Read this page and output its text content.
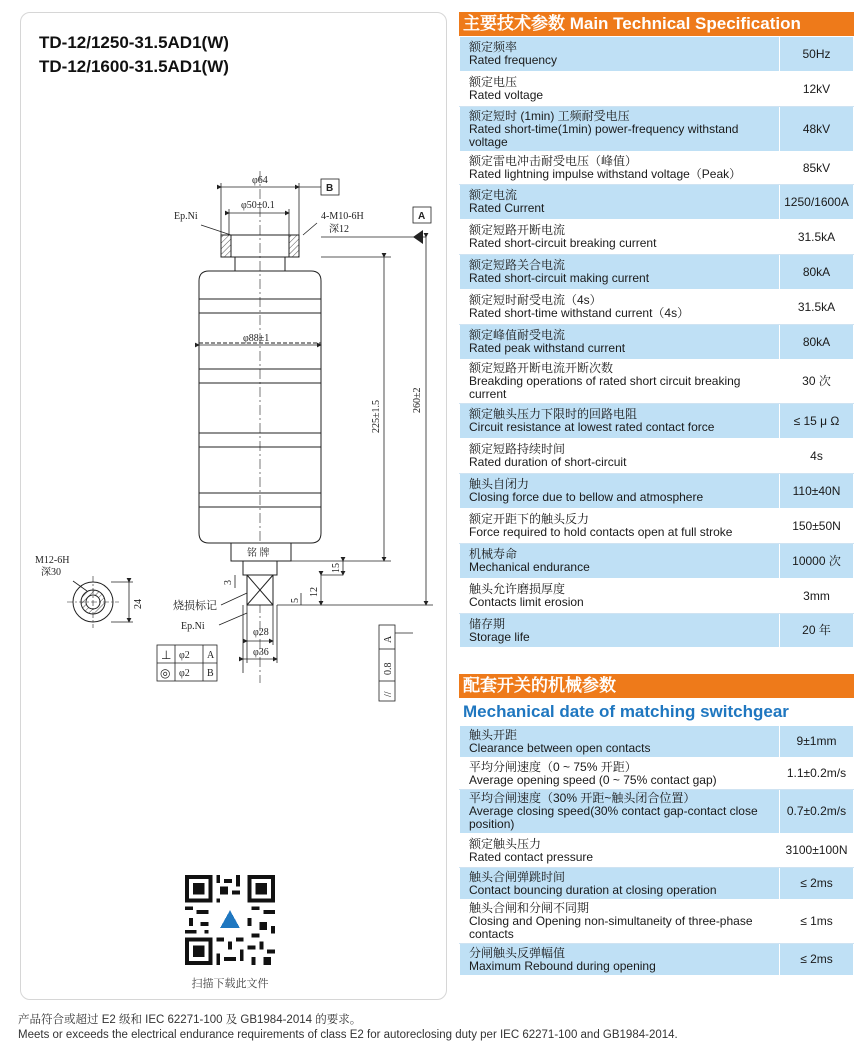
TD-12/1250-31.5AD1(W)
TD-12/1600-31.5AD1(W)
φ64
B
φ50±0.1
Ep.Ni	4-M10-6H
深12
A
φ88±1
铭 牌
225±1.5	260±2
15
12
5
3
烧损标记
Ep.Ni
φ28
φ36
A
0.8
//
M12-6H
深30
24
⊥ φ2 A
◎ φ2 B
扫描下载此文件
主要技术参数 Main Technical Specification
额定频率
Rated frequency	50Hz

额定电压
Rated voltage	12kV

额定短时 (1min) 工频耐受电压
Rated short-time(1min) power-frequency withstand voltage	48kV

额定雷电冲击耐受电压（峰值）
Rated lightning impulse withstand voltage（Peak）	85kV

额定电流
Rated Current	1250/1600A

额定短路开断电流
Rated short-circuit breaking current	31.5kA

额定短路关合电流
Rated short-circuit making current	80kA

额定短时耐受电流（4s）
Rated short-time withstand current（4s）	31.5kA

额定峰值耐受电流
Rated peak withstand current	80kA

额定短路开断电流开断次数
Breakding operations of rated short circuit breaking current	30 次

额定触头压力下限时的回路电阻
Circuit resistance at lowest rated contact force	≤ 15 μ Ω

额定短路持续时间
Rated duration of short-circuit	4s

触头自闭力
Closing force due to bellow and atmosphere	110±40N

额定开距下的触头反力
Force required to hold contacts open at full stroke	150±50N

机械寿命
Mechanical endurance	10000 次

触头允许磨损厚度
Contacts limit erosion	3mm

储存期
Storage life	20 年
配套开关的机械参数
Mechanical date of matching switchgear
触头开距
Clearance between open contacts	9±1mm

平均分闸速度（0 ~ 75% 开距）
Average opening speed (0 ~ 75% contact gap)	1.1±0.2m/s

平均合闸速度（30% 开距~触头闭合位置）
Average closing speed(30% contact gap-contact close position)	0.7±0.2m/s

额定触头压力
Rated contact pressure	3100±100N

触头合闸弹跳时间
Contact bouncing duration at closing operation	≤ 2ms

触头合闸和分闸不同期
Closing and Opening non-simultaneity of three-phase contacts	≤ 1ms

分闸触头反弹幅值
Maximum Rebound during opening	≤ 2ms
产品符合或超过 E2 级和 IEC 62271-100 及 GB1984-2014 的要求。
Meets or exceeds the electrical endurance requirements of class E2 for autoreclosing duty per IEC 62271-100 and GB1984-2014.
